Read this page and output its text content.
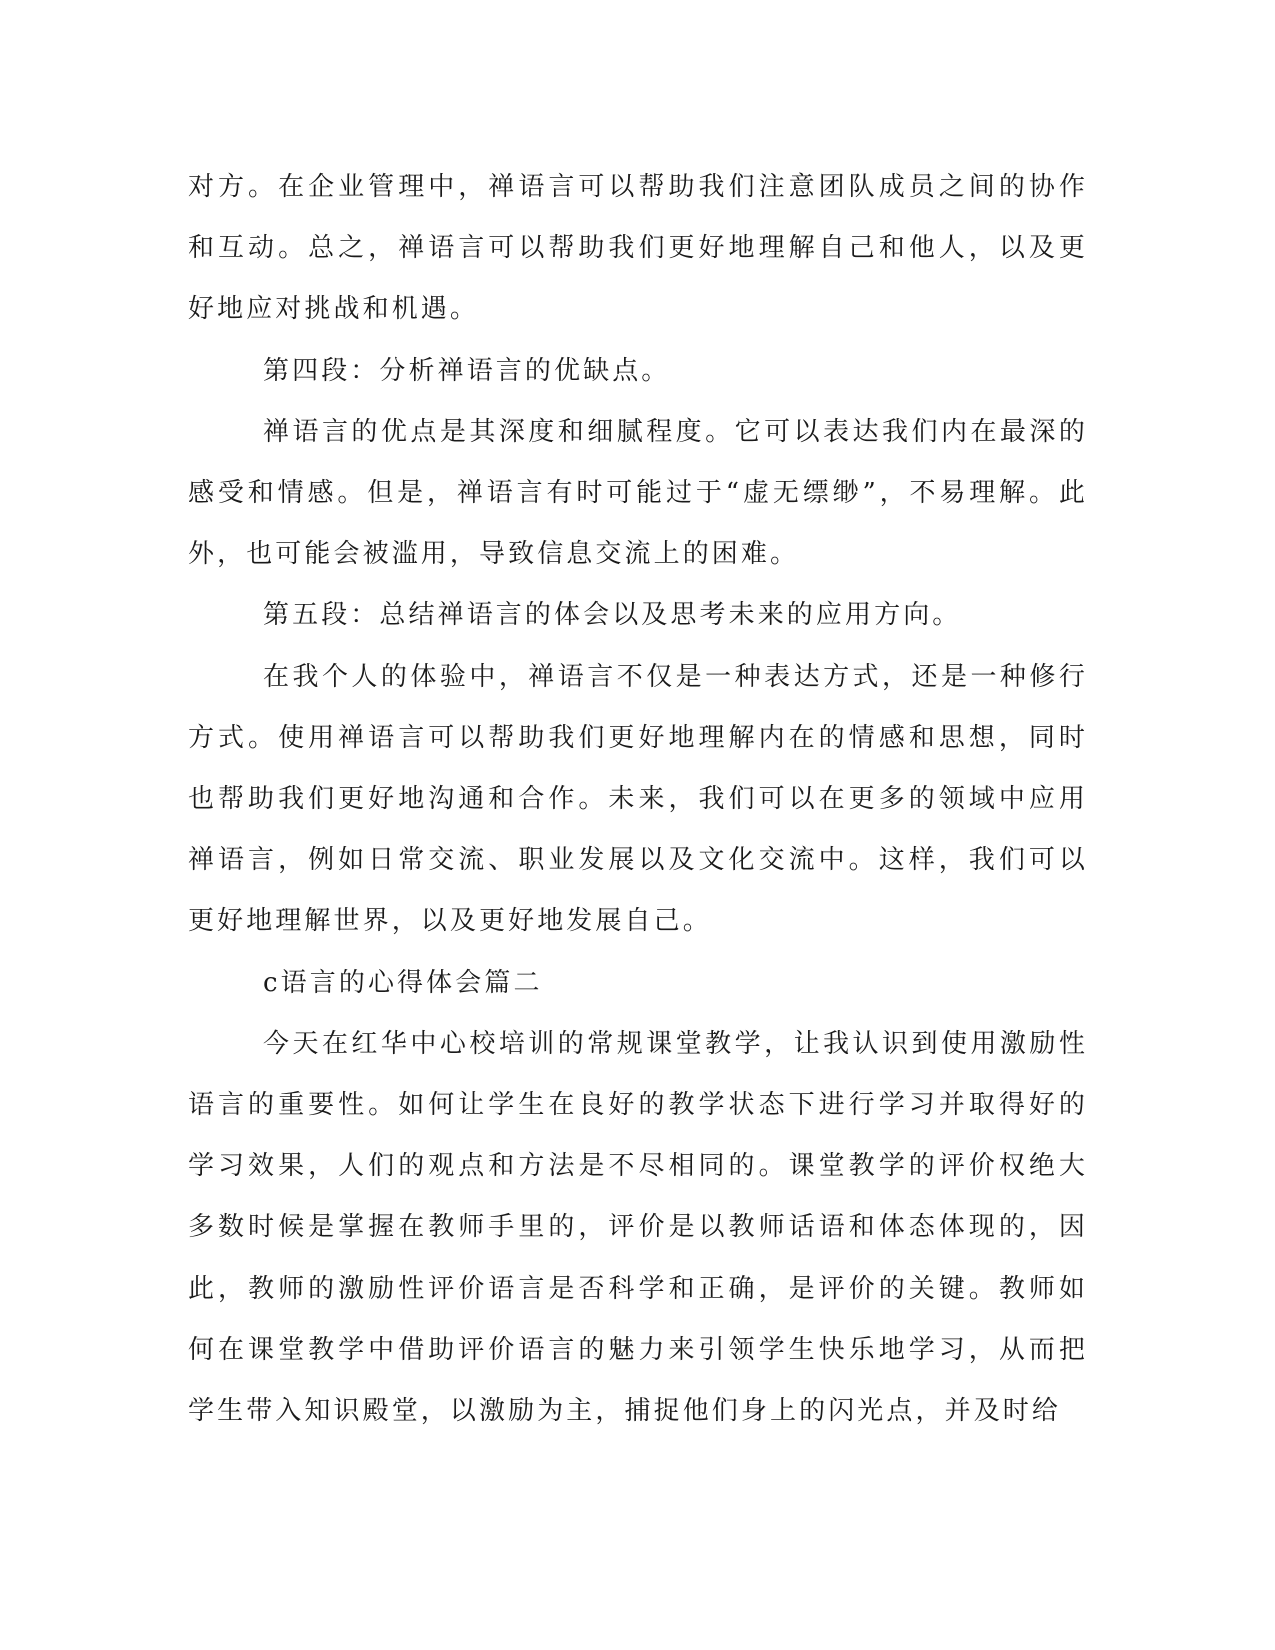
对方。在企业管理中，禅语言可以帮助我们注意团队成员之间的协作和互动。总之，禅语言可以帮助我们更好地理解自己和他人，以及更好地应对挑战和机遇。

第四段：分析禅语言的优缺点。

禅语言的优点是其深度和细腻程度。它可以表达我们内在最深的感受和情感。但是，禅语言有时可能过于“虚无缥缈”，不易理解。此外，也可能会被滥用，导致信息交流上的困难。

第五段：总结禅语言的体会以及思考未来的应用方向。

在我个人的体验中，禅语言不仅是一种表达方式，还是一种修行方式。使用禅语言可以帮助我们更好地理解内在的情感和思想，同时也帮助我们更好地沟通和合作。未来，我们可以在更多的领域中应用禅语言，例如日常交流、职业发展以及文化交流中。这样，我们可以更好地理解世界，以及更好地发展自己。

c语言的心得体会篇二

今天在红华中心校培训的常规课堂教学，让我认识到使用激励性语言的重要性。如何让学生在良好的教学状态下进行学习并取得好的学习效果，人们的观点和方法是不尽相同的。课堂教学的评价权绝大多数时候是掌握在教师手里的，评价是以教师话语和体态体现的，因此，教师的激励性评价语言是否科学和正确，是评价的关键。教师如何在课堂教学中借助评价语言的魅力来引领学生快乐地学习，从而把学生带入知识殿堂，以激励为主，捕捉他们身上的闪光点，并及时给
